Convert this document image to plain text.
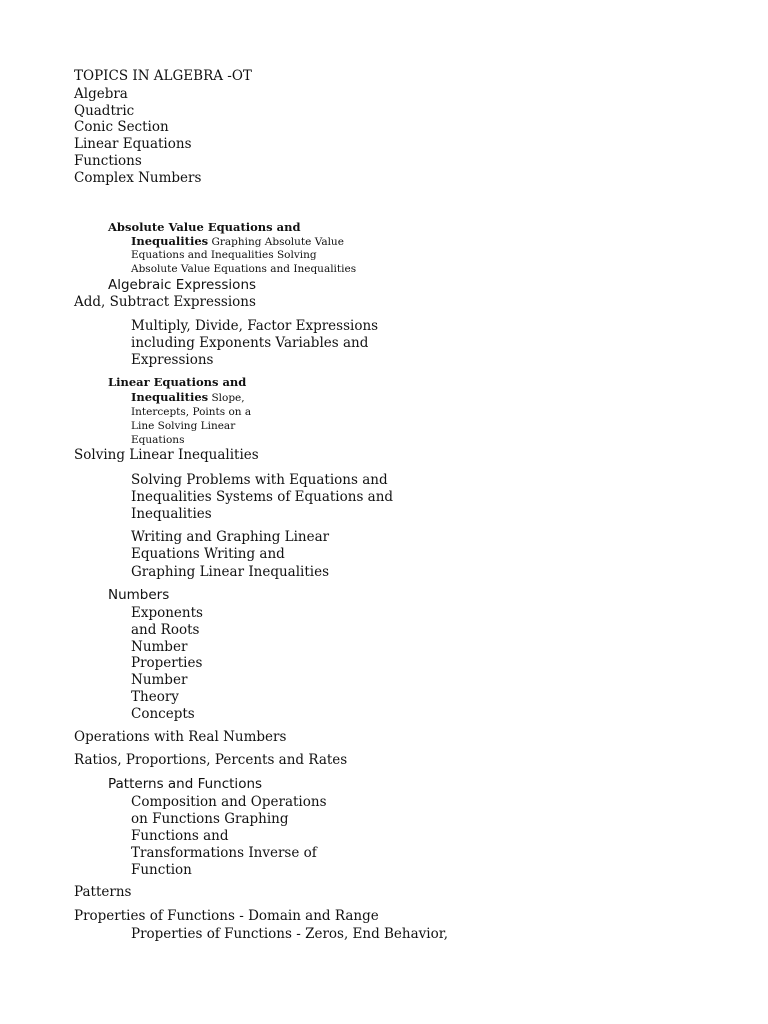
TOPICS IN ALGEBRA -OT
Algebra
Quadtric
Conic Section
Linear Equations
Functions
Complex Numbers
Absolute Value Equations and
Inequalities Graphing Absolute Value
Equations and Inequalities Solving
Absolute Value Equations and Inequalities
Algebraic Expressions
Add, Subtract Expressions
Multiply, Divide, Factor Expressions
including Exponents Variables and
Expressions
Linear Equations and
Inequalities Slope,
Intercepts, Points on a
Line Solving Linear
Equations
Solving Linear Inequalities
Solving Problems with Equations and
Inequalities Systems of Equations and
Inequalities
Writing and Graphing Linear
Equations Writing and
Graphing Linear Inequalities
Numbers
Exponents
and Roots
Number
Properties
Number
Theory
Concepts
Operations with Real Numbers
Ratios, Proportions, Percents and Rates
Patterns and Functions
Composition and Operations
on Functions Graphing
Functions and
Transformations Inverse of
Function
Patterns
Properties of Functions - Domain and Range
Properties of Functions - Zeros, End Behavior,
